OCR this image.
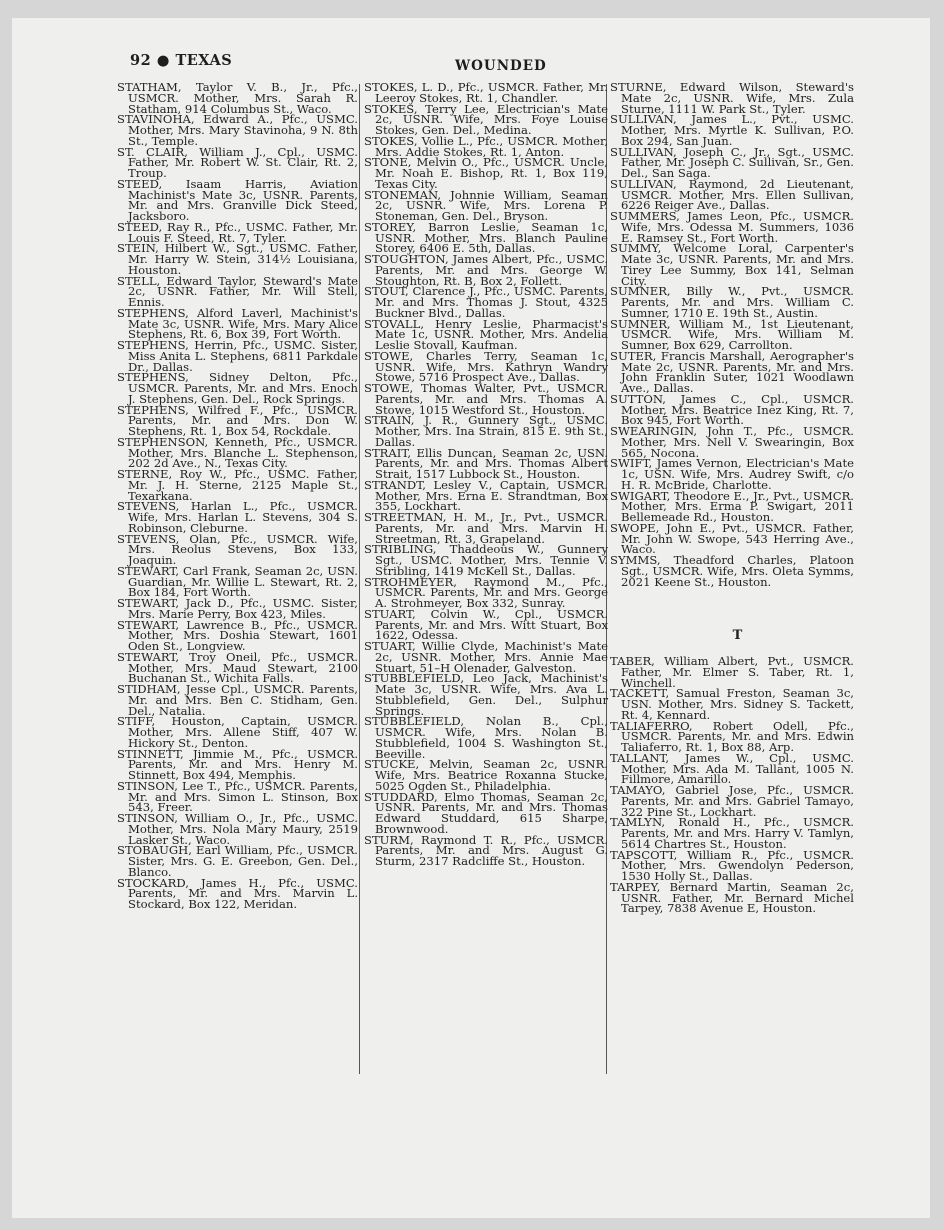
92 ● TEXAS	WOUNDED

STATHAM, Taylor V. B., Jr., Pfc., USMCR. Mother, Mrs. Sarah R. Statham, 914 Columbus St., Waco.

STAVINOHA, Edward A., Pfc., USMC. Mother, Mrs. Mary Stavinoha, 9 N. 8th St., Temple.

ST. CLAIR, William J., Cpl., USMC. Father, Mr. Robert W. St. Clair, Rt. 2, Troup.

STEED, Isaam Harris, Aviation Machinist's Mate 3c, USNR. Parents, Mr. and Mrs. Granville Dick Steed, Jacksboro.

STEED, Ray R., Pfc., USMC. Father, Mr. Louis F. Steed, Rt. 7, Tyler.

STEIN, Hilbert W., Sgt., USMC. Father, Mr. Harry W. Stein, 314½ Louisiana, Houston.

STELL, Edward Taylor, Steward's Mate 2c, USNR. Father, Mr. Will Stell, Ennis.

STEPHENS, Alford Laverl, Machinist's Mate 3c, USNR. Wife, Mrs. Mary Alice Stephens, Rt. 6, Box 39, Fort Worth.

STEPHENS, Herrin, Pfc., USMC. Sister, Miss Anita L. Stephens, 6811 Parkdale Dr., Dallas.

STEPHENS, Sidney Delton, Pfc., USMCR. Parents, Mr. and Mrs. Enoch J. Stephens, Gen. Del., Rock Springs.

STEPHENS, Wilfred F., Pfc., USMCR. Parents, Mr. and Mrs. Don W. Stephens, Rt. 1, Box 54, Rockdale.

STEPHENSON, Kenneth, Pfc., USMCR. Mother, Mrs. Blanche L. Stephenson, 202 2d Ave., N., Texas City.

STERNE, Roy W., Pfc., USMC. Father, Mr. J. H. Sterne, 2125 Maple St., Texarkana.

STEVENS, Harlan L., Pfc., USMCR. Wife, Mrs. Harlan L. Stevens, 304 S. Robinson, Cleburne.

STEVENS, Olan, Pfc., USMCR. Wife, Mrs. Reolus Stevens, Box 133, Joaquin.

STEWART, Carl Frank, Seaman 2c, USN. Guardian, Mr. Willie L. Stewart, Rt. 2, Box 184, Fort Worth.

STEWART, Jack D., Pfc., USMC. Sister, Mrs. Marie Perry, Box 423, Miles.

STEWART, Lawrence B., Pfc., USMCR. Mother, Mrs. Doshia Stewart, 1601 Oden St., Longview.

STEWART, Troy Oneil, Pfc., USMCR. Mother, Mrs. Maud Stewart, 2100 Buchanan St., Wichita Falls.

STIDHAM, Jesse Cpl., USMCR. Parents, Mr. and Mrs. Ben C. Stidham, Gen. Del., Natalia.

STIFF, Houston, Captain, USMCR. Mother, Mrs. Allene Stiff, 407 W. Hickory St., Denton.

STINNETT, Jimmie M., Pfc., USMCR. Parents, Mr. and Mrs. Henry M. Stinnett, Box 494, Memphis.

STINSON, Lee T., Pfc., USMCR. Parents, Mr. and Mrs. Simon L. Stinson, Box 543, Freer.

STINSON, William O., Jr., Pfc., USMC. Mother, Mrs. Nola Mary Maury, 2519 Lasker St., Waco.

STOBAUGH, Earl William, Pfc., USMCR. Sister, Mrs. G. E. Greebon, Gen. Del., Blanco.

STOCKARD, James H., Pfc., USMC. Parents, Mr. and Mrs. Marvin L. Stockard, Box 122, Meridan.

STOKES, L. D., Pfc., USMCR. Father, Mr. Leeroy Stokes, Rt. 1, Chandler.

STOKES, Terry Lee, Electrician's Mate 2c, USNR. Wife, Mrs. Foye Louise Stokes, Gen. Del., Medina.

STOKES, Vollie L., Pfc., USMCR. Mother, Mrs. Addie Stokes, Rt. 1, Anton.

STONE, Melvin O., Pfc., USMCR. Uncle, Mr. Noah E. Bishop, Rt. 1, Box 119, Texas City.

STONEMAN, Johnnie William, Seaman 2c, USNR. Wife, Mrs. Lorena P. Stoneman, Gen. Del., Bryson.

STOREY, Barron Leslie, Seaman 1c, USNR. Mother, Mrs. Blanch Pauline Storey, 6406 E. 5th, Dallas.

STOUGHTON, James Albert, Pfc., USMC. Parents, Mr. and Mrs. George W. Stoughton, Rt. B, Box 2, Follett.

STOUT, Clarence J., Pfc., USMC. Parents, Mr. and Mrs. Thomas J. Stout, 4325 Buckner Blvd., Dallas.

STOVALL, Henry Leslie, Pharmacist's Mate 1c, USNR. Mother, Mrs. Andelia Leslie Stovall, Kaufman.

STOWE, Charles Terry, Seaman 1c, USNR. Wife, Mrs. Kathryn Wandry Stowe, 5716 Prospect Ave., Dallas.

STOWE, Thomas Walter, Pvt., USMCR. Parents, Mr. and Mrs. Thomas A. Stowe, 1015 Westford St., Houston.

STRAIN, J. R., Gunnery Sgt., USMC. Mother, Mrs. Ina Strain, 815 E. 9th St., Dallas.

STRAIT, Ellis Duncan, Seaman 2c, USN. Parents, Mr. and Mrs. Thomas Albert Strait, 1517 Lubbock St., Houston.

STRANDT, Lesley V., Captain, USMCR. Mother, Mrs. Erna E. Strandtman, Box 355, Lockhart.

STREETMAN, H. M., Jr., Pvt., USMCR. Parents, Mr. and Mrs. Marvin H. Streetman, Rt. 3, Grapeland.

STRIBLING, Thaddeous W., Gunnery Sgt., USMC. Mother, Mrs. Tennie V. Stribling, 1419 McKell St., Dallas.

STROHMEYER, Raymond M., Pfc., USMCR. Parents, Mr. and Mrs. George A. Strohmeyer, Box 332, Sunray.

STUART, Colvin W., Cpl., USMCR. Parents, Mr. and Mrs. Witt Stuart, Box 1622, Odessa.

STUART, Willie Clyde, Machinist's Mate 2c, USNR. Mother, Mrs. Annie Mae Stuart, 51–H Olenader, Galveston.

STUBBLEFIELD, Leo Jack, Machinist's Mate 3c, USNR. Wife, Mrs. Ava L. Stubblefield, Gen. Del., Sulphur Springs.

STUBBLEFIELD, Nolan B., Cpl., USMCR. Wife, Mrs. Nolan B. Stubblefield, 1004 S. Washington St., Beeville.

STUCKE, Melvin, Seaman 2c, USNR. Wife, Mrs. Beatrice Roxanna Stucke, 5025 Ogden St., Philadelphia.

STUDDARD, Elmo Thomas, Seaman 2c, USNR. Parents, Mr. and Mrs. Thomas Edward Studdard, 615 Sharpe, Brownwood.

STURM, Raymond T. R., Pfc., USMCR. Parents, Mr. and Mrs. August G. Sturm, 2317 Radcliffe St., Houston.

STURNE, Edward Wilson, Steward's Mate 2c, USNR. Wife, Mrs. Zula Sturne, 1111 W. Park St., Tyler.

SULLIVAN, James L., Pvt., USMC. Mother, Mrs. Myrtle K. Sullivan, P.O. Box 294, San Juan.

SULLIVAN, Joseph C., Jr., Sgt., USMC. Father, Mr. Joseph C. Sullivan, Sr., Gen. Del., San Saga.

SULLIVAN, Raymond, 2d Lieutenant, USMCR. Mother, Mrs. Ellen Sullivan, 6226 Reiger Ave., Dallas.

SUMMERS, James Leon, Pfc., USMCR. Wife, Mrs. Odessa M. Summers, 1036 E. Ramsey St., Fort Worth.

SUMMY, Welcome Loral, Carpenter's Mate 3c, USNR. Parents, Mr. and Mrs. Tirey Lee Summy, Box 141, Selman City.

SUMNER, Billy W., Pvt., USMCR. Parents, Mr. and Mrs. William C. Sumner, 1710 E. 19th St., Austin.

SUMNER, William M., 1st Lieutenant, USMCR. Wife, Mrs. William M. Sumner, Box 629, Carrollton.

SUTER, Francis Marshall, Aerographer's Mate 2c, USNR. Parents, Mr. and Mrs. John Franklin Suter, 1021 Woodlawn Ave., Dallas.

SUTTON, James C., Cpl., USMCR. Mother, Mrs. Beatrice Inez King, Rt. 7, Box 945, Fort Worth.

SWEARINGIN, John T., Pfc., USMCR. Mother, Mrs. Nell V. Swearingin, Box 565, Nocona.

SWIFT, James Vernon, Electrician's Mate 1c, USN. Wife, Mrs. Audrey Swift, c/o H. R. McBride, Charlotte.

SWIGART, Theodore E., Jr., Pvt., USMCR. Mother, Mrs. Erma P. Swigart, 2011 Bellemeade Rd., Houston.

SWOPE, John E., Pvt., USMCR. Father, Mr. John W. Swope, 543 Herring Ave., Waco.

SYMMS, Theadford Charles, Platoon Sgt., USMCR. Wife, Mrs. Oleta Symms, 2021 Keene St., Houston.

T

TABER, William Albert, Pvt., USMCR. Father, Mr. Elmer S. Taber, Rt. 1, Winchell.

TACKETT, Samual Freston, Seaman 3c, USN. Mother, Mrs. Sidney S. Tackett, Rt. 4, Kennard.

TALIAFERRO, Robert Odell, Pfc., USMCR. Parents, Mr. and Mrs. Edwin Taliaferro, Rt. 1, Box 88, Arp.

TALLANT, James W., Cpl., USMC. Mother, Mrs. Ada M. Tallant, 1005 N. Fillmore, Amarillo.

TAMAYO, Gabriel Jose, Pfc., USMCR. Parents, Mr. and Mrs. Gabriel Tamayo, 322 Pine St., Lockhart.

TAMLYN, Ronald H., Pfc., USMCR. Parents, Mr. and Mrs. Harry V. Tamlyn, 5614 Chartres St., Houston.

TAPSCOTT, William R., Pfc., USMCR. Mother, Mrs. Gwendolyn Pederson, 1530 Holly St., Dallas.

TARPEY, Bernard Martin, Seaman 2c, USNR. Father, Mr. Bernard Michel Tarpey, 7838 Avenue E, Houston.
